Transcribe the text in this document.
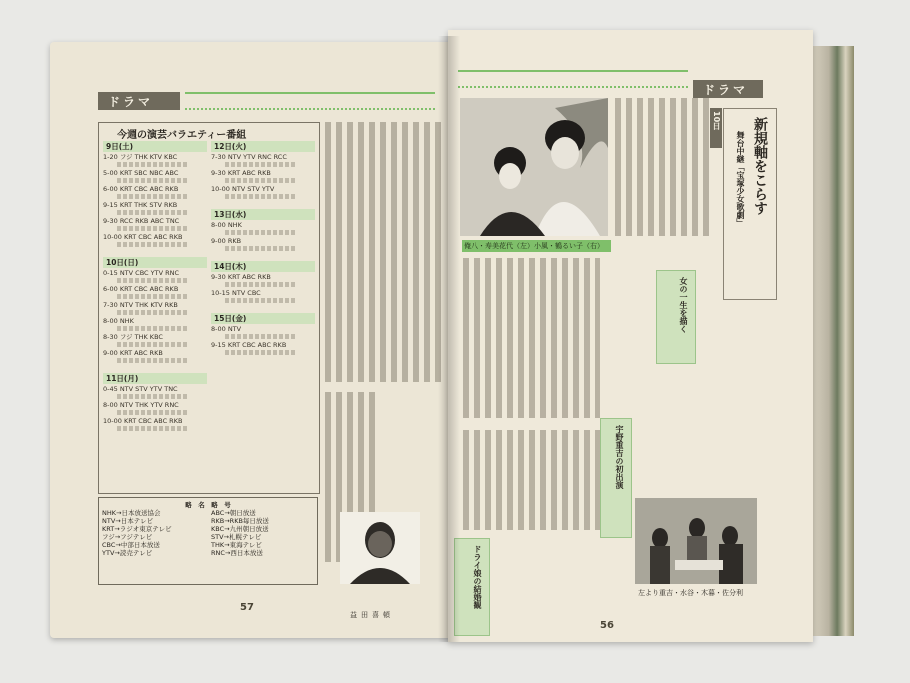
ドラマ
今週の演芸バラエティー番組
9日(土)
1-20 フジ THK KTV KBC
5-00 KRT SBC NBC ABC
6-00 KRT CBC ABC RKB
9-15 KRT THK STV RKB
9-30 RCC RKB ABC TNC
10-00 KRT CBC ABC RKB
10日(日)
0-15 NTV CBC YTV RNC
6-00 KRT CBC ABC RKB
7-30 NTV THK KTV RKB
8-00 NHK
8-30 フジ THK KBC
9-00 KRT ABC RKB
11日(月)
0-45 NTV STV YTV TNC
8-00 NTV THK YTV RNC
10-00 KRT CBC ABC RKB
12日(火)
7-30 NTV YTV RNC RCC
9-30 KRT ABC RKB
10-00 NTV STV YTV
13日(水)
8-00 NHK
9-00 RKB
14日(木)
9-30 KRT ABC RKB
10-15 NTV CBC
15日(金)
8-00 NTV
9-15 KRT CBC ABC RKB
略　名　略　号
NHK→日本放送協会
NTV→日本テレビ
KRT→ラジオ東京テレビ
フジ→フジテレビ
CBC→中部日本放送
YTV→読売テレビ
ABC→朝日放送
RKB→RKB毎日放送
KBC→九州朝日放送
STV→札幌テレビ
THK→東海テレビ
RNC→西日本放送
益田喜頓
57
ドラマ
俺八・寿美花代（左）小風・鶴るい子（右）
新規軸をこらす
舞台中継「宝塚少女歌劇」
10日
女の一生を描く
宇野重吉の初出演
ドライ娘の結婚観	左より重吉・水谷・木暮・佐分利
56
